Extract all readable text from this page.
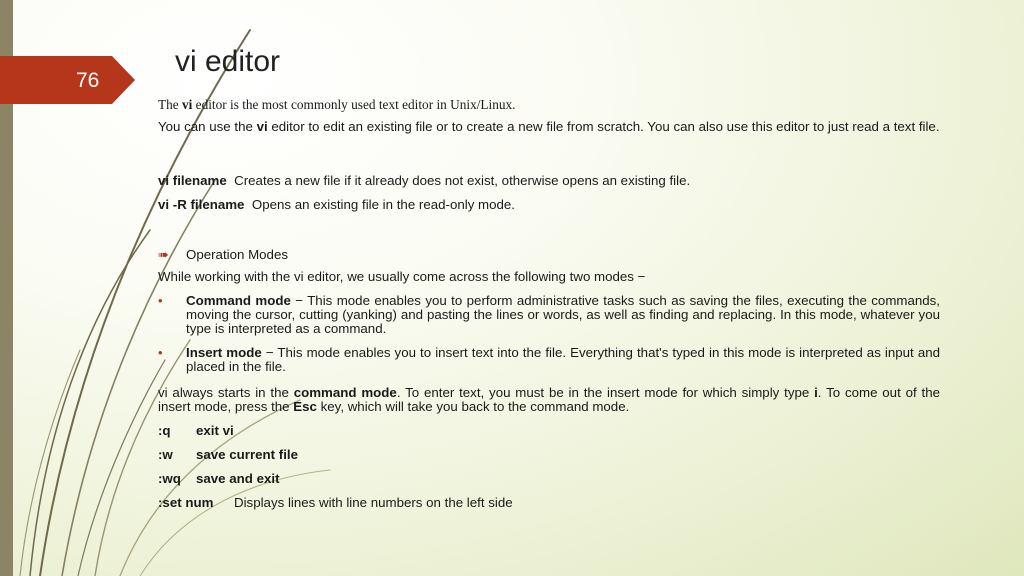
76
vi editor

The vi editor is the most commonly used text editor in Unix/Linux.

You can use the vi editor to edit an existing file or to create a new file from scratch. You can also use this editor to just read a text file.

vi filename Creates a new file if it already does not exist, otherwise opens an existing file.

vi -R filename Opens an existing file in the read-only mode.

➠ Operation Modes

While working with the vi editor, we usually come across the following two modes −

• Command mode − This mode enables you to perform administrative tasks such as saving the files, executing the commands, moving the cursor, cutting (yanking) and pasting the lines or words, as well as finding and replacing. In this mode, whatever you type is interpreted as a command.
• Insert mode − This mode enables you to insert text into the file. Everything that's typed in this mode is interpreted as input and placed in the file.

vi always starts in the command mode. To enter text, you must be in the insert mode for which simply type i. To come out of the insert mode, press the Esc key, which will take you back to the command mode.

:q exit vi

:w save current file

:wq save and exit

:set num Displays lines with line numbers on the left side
